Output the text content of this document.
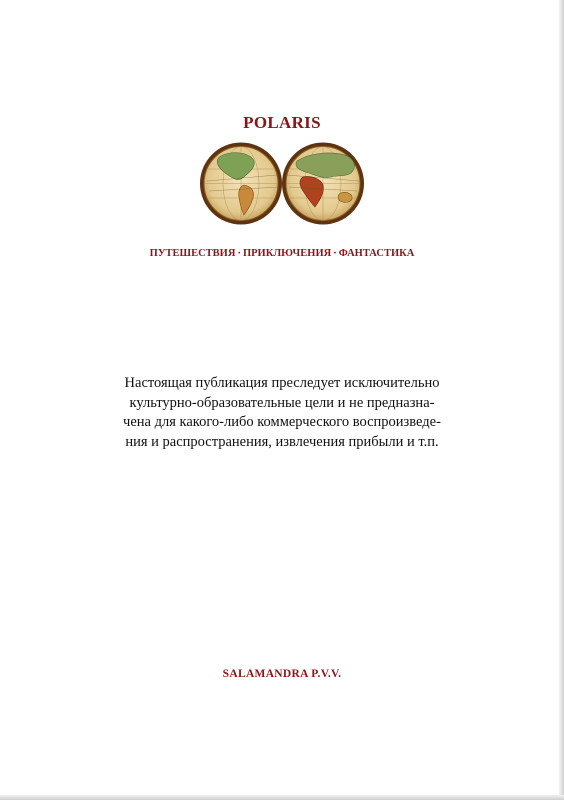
POLARIS
ПУТЕШЕСТВИЯ · ПРИКЛЮЧЕНИЯ · ФАНТАСТИКА
Настоящая публикация преследует исключительно
культурно-образовательные цели и не предназна-
чена для какого-либо коммерческого воспроизведе-
ния и распространения, извлечения прибыли и т.п.
SALAMANDRA P.V.V.
